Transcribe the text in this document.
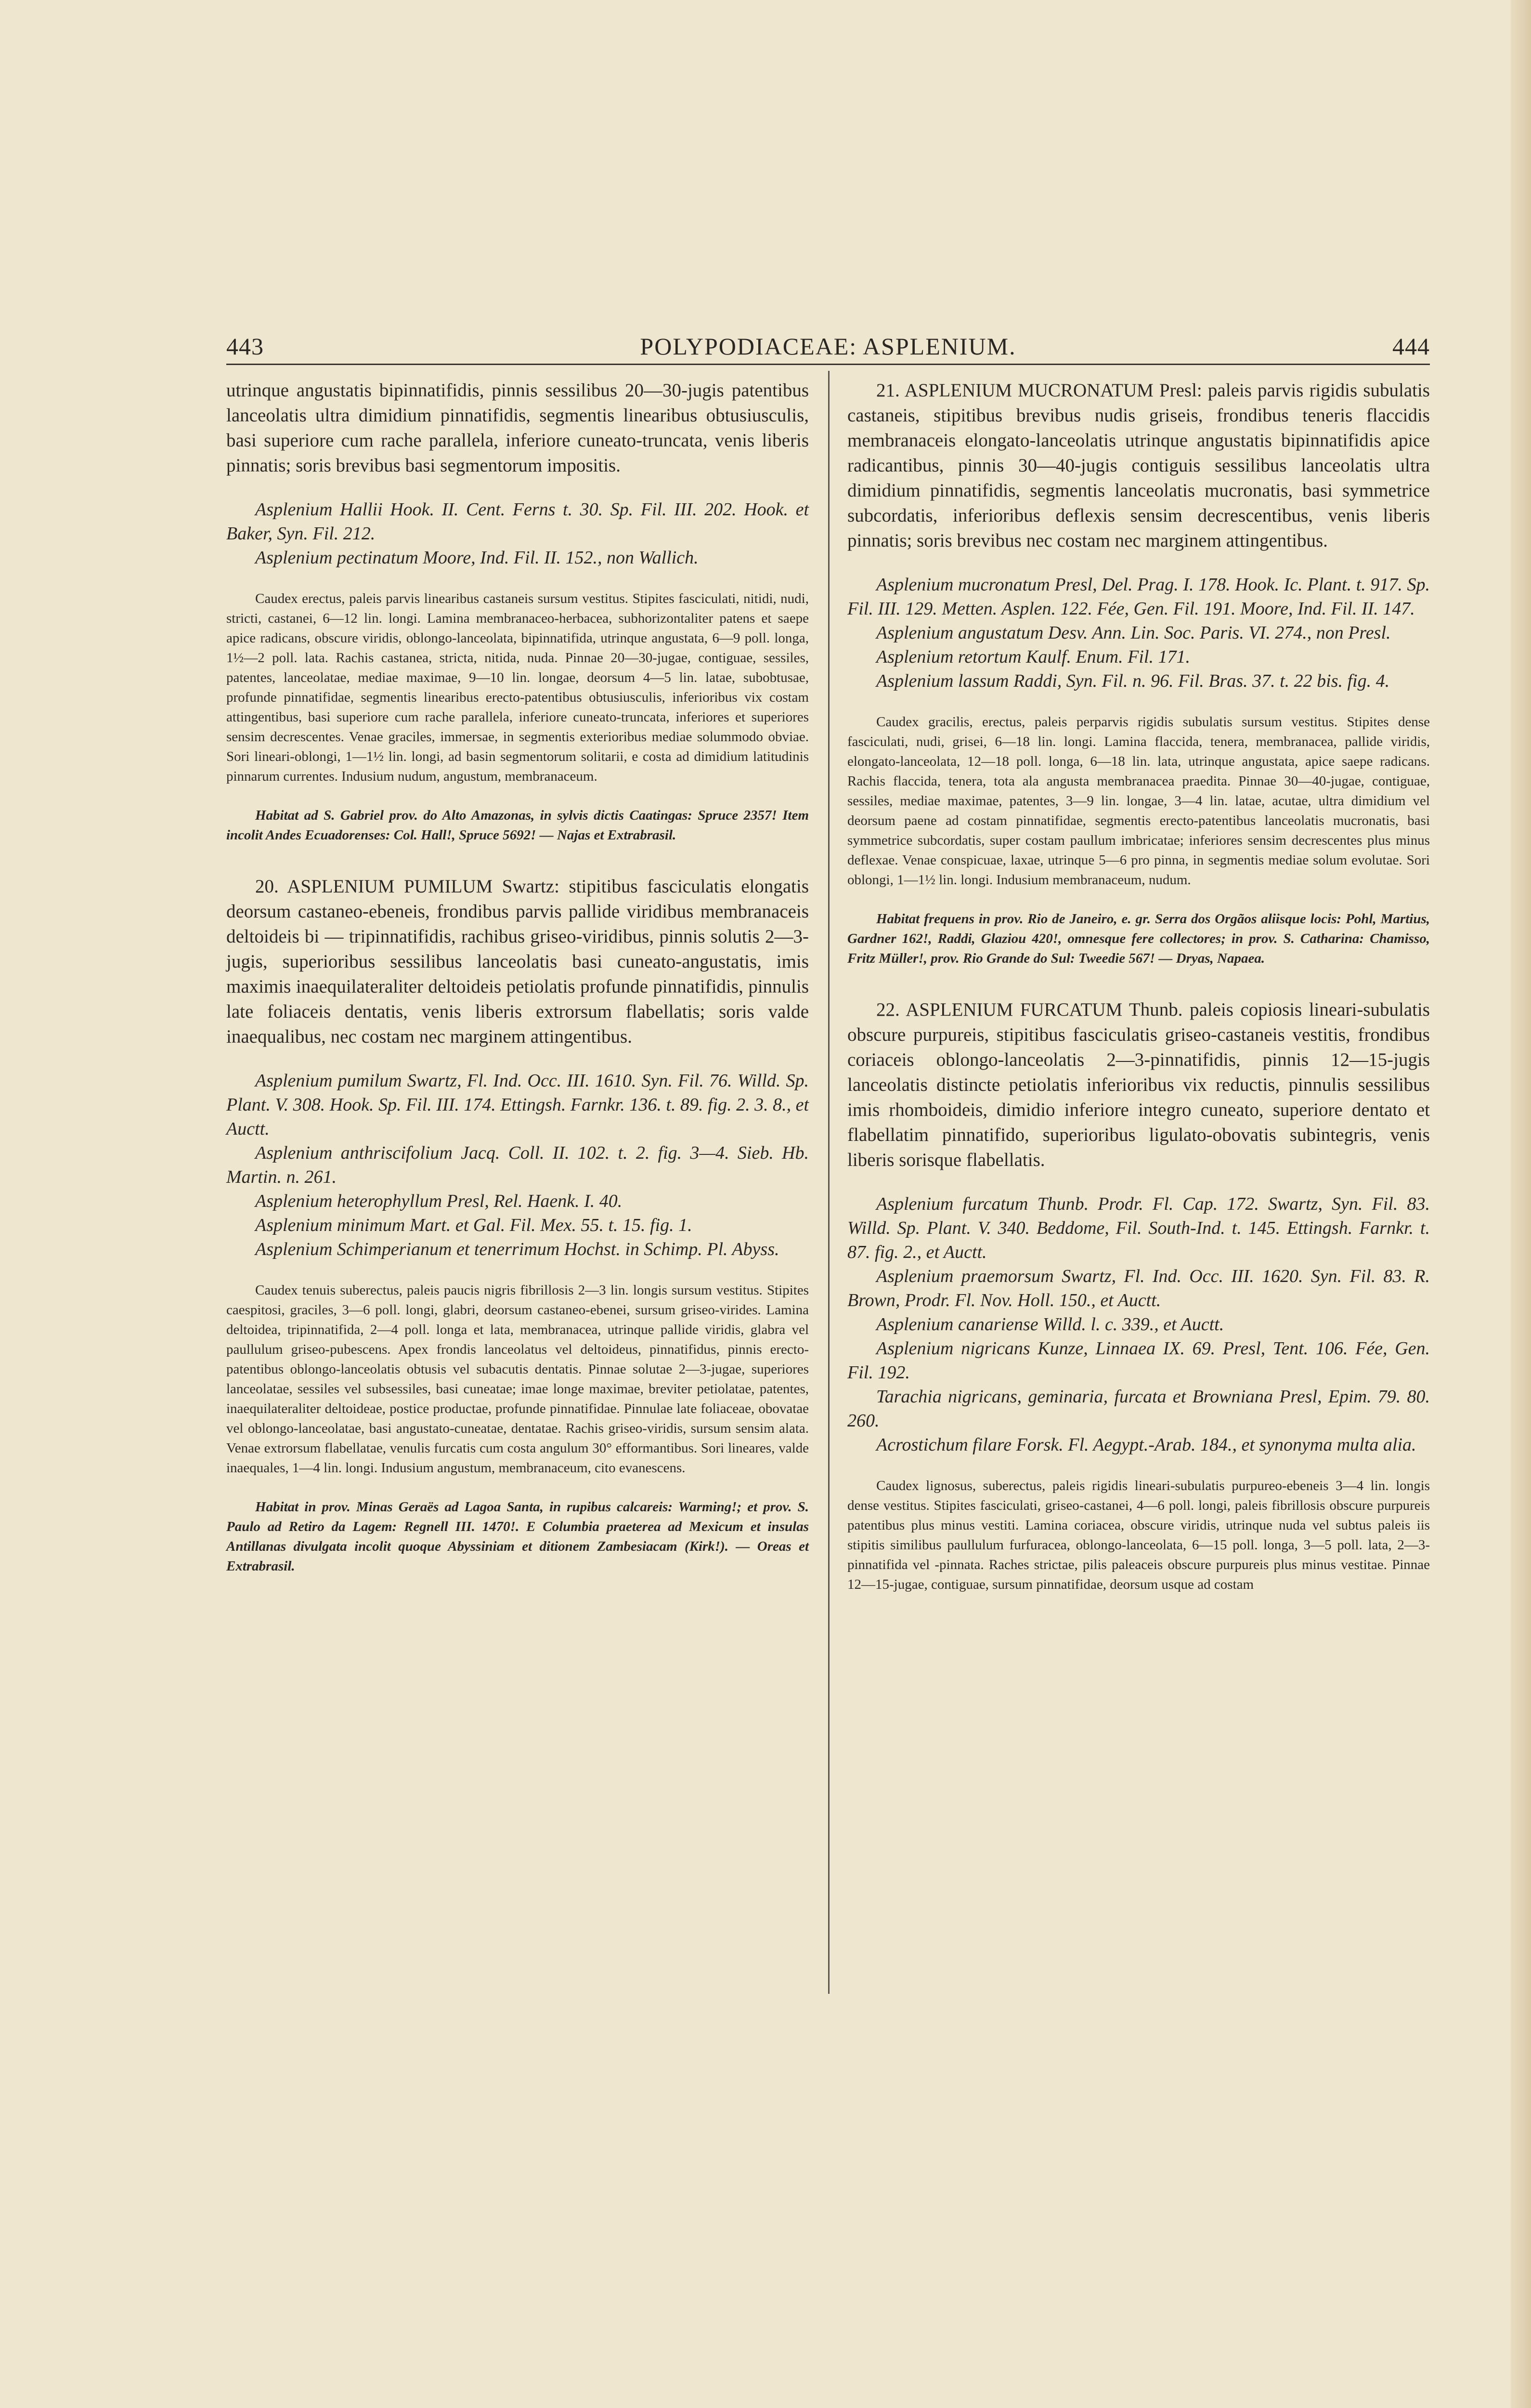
443	POLYPODIACEAE: ASPLENIUM.	444

utrinque angustatis bipinnatifidis, pinnis sessilibus 20—30-jugis patentibus lanceolatis ultra dimidium pinnatifidis, segmentis linearibus obtusiusculis, basi superiore cum rache parallela, inferiore cuneato-truncata, venis liberis pinnatis; soris brevibus basi segmentorum impositis.

Asplenium Hallii Hook. II. Cent. Ferns t. 30. Sp. Fil. III. 202. Hook. et Baker, Syn. Fil. 212.
Asplenium pectinatum Moore, Ind. Fil. II. 152., non Wallich.

Caudex erectus, paleis parvis linearibus castaneis sursum vestitus. Stipites fasciculati, nitidi, nudi, stricti, castanei, 6—12 lin. longi. Lamina membranaceo-herbacea, subhorizontaliter patens et saepe apice radicans, obscure viridis, oblongo-lanceolata, bipinnatifida, utrinque angustata, 6—9 poll. longa, 1½—2 poll. lata. Rachis castanea, stricta, nitida, nuda. Pinnae 20—30-jugae, contiguae, sessiles, patentes, lanceolatae, mediae maximae, 9—10 lin. longae, deorsum 4—5 lin. latae, subobtusae, profunde pinnatifidae, segmentis linearibus erecto-patentibus obtusiusculis, inferioribus vix costam attingentibus, basi superiore cum rache parallela, inferiore cuneato-truncata, inferiores et superiores sensim decrescentes. Venae graciles, immersae, in segmentis exterioribus mediae solummodo obviae. Sori lineari-oblongi, 1—1½ lin. longi, ad basin segmentorum solitarii, e costa ad dimidium latitudinis pinnarum currentes. Indusium nudum, angustum, membranaceum.

Habitat ad S. Gabriel prov. do Alto Amazonas, in sylvis dictis Caatingas: Spruce 2357! Item incolit Andes Ecuadorenses: Col. Hall!, Spruce 5692! — Najas et Extrabrasil.

20. ASPLENIUM PUMILUM Swartz: stipitibus fasciculatis elongatis deorsum castaneo-ebeneis, frondibus parvis pallide viridibus membranaceis deltoideis bi — tripinnatifidis, rachibus griseo-viridibus, pinnis solutis 2—3-jugis, superioribus sessilibus lanceolatis basi cuneato-angustatis, imis maximis inaequilateraliter deltoideis petiolatis profunde pinnatifidis, pinnulis late foliaceis dentatis, venis liberis extrorsum flabellatis; soris valde inaequalibus, nec costam nec marginem attingentibus.

Asplenium pumilum Swartz, Fl. Ind. Occ. III. 1610. Syn. Fil. 76. Willd. Sp. Plant. V. 308. Hook. Sp. Fil. III. 174. Ettingsh. Farnkr. 136. t. 89. fig. 2. 3. 8., et Auctt.
Asplenium anthriscifolium Jacq. Coll. II. 102. t. 2. fig. 3—4. Sieb. Hb. Martin. n. 261.
Asplenium heterophyllum Presl, Rel. Haenk. I. 40.
Asplenium minimum Mart. et Gal. Fil. Mex. 55. t. 15. fig. 1.
Asplenium Schimperianum et tenerrimum Hochst. in Schimp. Pl. Abyss.

Caudex tenuis suberectus, paleis paucis nigris fibrillosis 2—3 lin. longis sursum vestitus. Stipites caespitosi, graciles, 3—6 poll. longi, glabri, deorsum castaneo-ebenei, sursum griseo-virides. Lamina deltoidea, tripinnatifida, 2—4 poll. longa et lata, membranacea, utrinque pallide viridis, glabra vel paullulum griseo-pubescens. Apex frondis lanceolatus vel deltoideus, pinnatifidus, pinnis erecto-patentibus oblongo-lanceolatis obtusis vel subacutis dentatis. Pinnae solutae 2—3-jugae, superiores lanceolatae, sessiles vel subsessiles, basi cuneatae; imae longe maximae, breviter petiolatae, patentes, inaequilateraliter deltoideae, postice productae, profunde pinnatifidae. Pinnulae late foliaceae, obovatae vel oblongo-lanceolatae, basi angustato-cuneatae, dentatae. Rachis griseo-viridis, sursum sensim alata. Venae extrorsum flabellatae, venulis furcatis cum costa angulum 30° efformantibus. Sori lineares, valde inaequales, 1—4 lin. longi. Indusium angustum, membranaceum, cito evanescens.

Habitat in prov. Minas Geraës ad Lagoa Santa, in rupibus calcareis: Warming!; et prov. S. Paulo ad Retiro da Lagem: Regnell III. 1470!. E Columbia praeterea ad Mexicum et insulas Antillanas divulgata incolit quoque Abyssiniam et ditionem Zambesiacam (Kirk!). — Oreas et Extrabrasil.

21. ASPLENIUM MUCRONATUM Presl: paleis parvis rigidis subulatis castaneis, stipitibus brevibus nudis griseis, frondibus teneris flaccidis membranaceis elongato-lanceolatis utrinque angustatis bipinnatifidis apice radicantibus, pinnis 30—40-jugis contiguis sessilibus lanceolatis ultra dimidium pinnatifidis, segmentis lanceolatis mucronatis, basi symmetrice subcordatis, inferioribus deflexis sensim decrescentibus, venis liberis pinnatis; soris brevibus nec costam nec marginem attingentibus.

Asplenium mucronatum Presl, Del. Prag. I. 178. Hook. Ic. Plant. t. 917. Sp. Fil. III. 129. Metten. Asplen. 122. Fée, Gen. Fil. 191. Moore, Ind. Fil. II. 147.
Asplenium angustatum Desv. Ann. Lin. Soc. Paris. VI. 274., non Presl.
Asplenium retortum Kaulf. Enum. Fil. 171.
Asplenium lassum Raddi, Syn. Fil. n. 96. Fil. Bras. 37. t. 22 bis. fig. 4.

Caudex gracilis, erectus, paleis perparvis rigidis subulatis sursum vestitus. Stipites dense fasciculati, nudi, grisei, 6—18 lin. longi. Lamina flaccida, tenera, membranacea, pallide viridis, elongato-lanceolata, 12—18 poll. longa, 6—18 lin. lata, utrinque angustata, apice saepe radicans. Rachis flaccida, tenera, tota ala angusta membranacea praedita. Pinnae 30—40-jugae, contiguae, sessiles, mediae maximae, patentes, 3—9 lin. longae, 3—4 lin. latae, acutae, ultra dimidium vel deorsum paene ad costam pinnatifidae, segmentis erecto-patentibus lanceolatis mucronatis, basi symmetrice subcordatis, super costam paullum imbricatae; inferiores sensim decrescentes plus minus deflexae. Venae conspicuae, laxae, utrinque 5—6 pro pinna, in segmentis mediae solum evolutae. Sori oblongi, 1—1½ lin. longi. Indusium membranaceum, nudum.

Habitat frequens in prov. Rio de Janeiro, e. gr. Serra dos Orgãos aliisque locis: Pohl, Martius, Gardner 162!, Raddi, Glaziou 420!, omnesque fere collectores; in prov. S. Catharina: Chamisso, Fritz Müller!, prov. Rio Grande do Sul: Tweedie 567! — Dryas, Napaea.

22. ASPLENIUM FURCATUM Thunb. paleis copiosis lineari-subulatis obscure purpureis, stipitibus fasciculatis griseo-castaneis vestitis, frondibus coriaceis oblongo-lanceolatis 2—3-pinnatifidis, pinnis 12—15-jugis lanceolatis distincte petiolatis inferioribus vix reductis, pinnulis sessilibus imis rhomboideis, dimidio inferiore integro cuneato, superiore dentato et flabellatim pinnatifido, superioribus ligulato-obovatis subintegris, venis liberis sorisque flabellatis.

Asplenium furcatum Thunb. Prodr. Fl. Cap. 172. Swartz, Syn. Fil. 83. Willd. Sp. Plant. V. 340. Beddome, Fil. South-Ind. t. 145. Ettingsh. Farnkr. t. 87. fig. 2., et Auctt.
Asplenium praemorsum Swartz, Fl. Ind. Occ. III. 1620. Syn. Fil. 83. R. Brown, Prodr. Fl. Nov. Holl. 150., et Auctt.
Asplenium canariense Willd. l. c. 339., et Auctt.
Asplenium nigricans Kunze, Linnaea IX. 69. Presl, Tent. 106. Fée, Gen. Fil. 192.
Tarachia nigricans, geminaria, furcata et Browniana Presl, Epim. 79. 80. 260.
Acrostichum filare Forsk. Fl. Aegypt.-Arab. 184., et synonyma multa alia.

Caudex lignosus, suberectus, paleis rigidis lineari-subulatis purpureo-ebeneis 3—4 lin. longis dense vestitus. Stipites fasciculati, griseo-castanei, 4—6 poll. longi, paleis fibrillosis obscure purpureis patentibus plus minus vestiti. Lamina coriacea, obscure viridis, utrinque nuda vel subtus paleis iis stipitis similibus paullulum furfuracea, oblongo-lanceolata, 6—15 poll. longa, 3—5 poll. lata, 2—3-pinnatifida vel -pinnata. Raches strictae, pilis paleaceis obscure purpureis plus minus vestitae. Pinnae 12—15-jugae, contiguae, sursum pinnatifidae, deorsum usque ad costam
